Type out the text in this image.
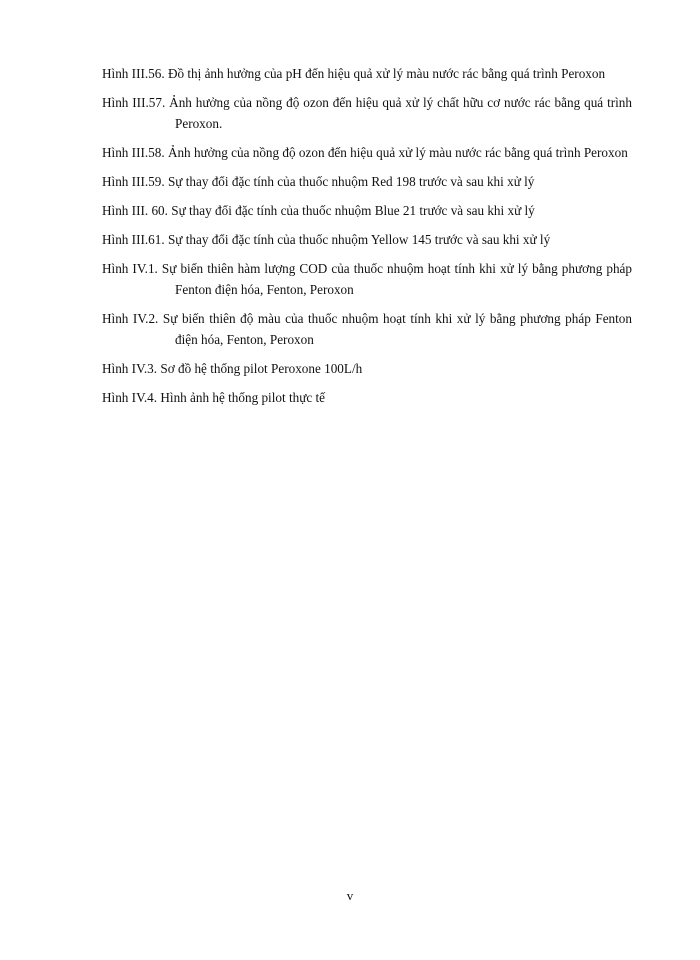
Hình III.56. Đồ thị ảnh hưởng của pH đến hiệu quả xử lý màu nước rác bằng quá trình Peroxon
Hình III.57. Ảnh hưởng của nồng độ ozon đến hiệu quả xử lý chất hữu cơ nước rác bằng quá trình Peroxon.
Hình III.58. Ảnh hưởng của nồng độ ozon đến hiệu quả xử lý màu nước rác bằng quá trình Peroxon
Hình III.59. Sự thay đổi đặc tính của thuốc nhuộm Red 198 trước và sau khi xử lý
Hình III. 60. Sự thay đổi đặc tính của thuốc nhuộm Blue 21 trước và sau khi xử lý
Hình III.61. Sự thay đổi đặc tính của thuốc nhuộm Yellow 145 trước và sau khi xử lý
Hình IV.1. Sự biến thiên hàm lượng COD của thuốc nhuộm hoạt tính khi xử lý bằng phương pháp Fenton điện hóa, Fenton, Peroxon
Hình IV.2. Sự biến thiên độ màu của thuốc nhuộm hoạt tính khi xử lý bằng phương pháp Fenton điện hóa, Fenton, Peroxon
Hình IV.3. Sơ đồ hệ thống pilot Peroxone 100L/h
Hình IV.4. Hình ảnh hệ thống pilot thực tế
v
